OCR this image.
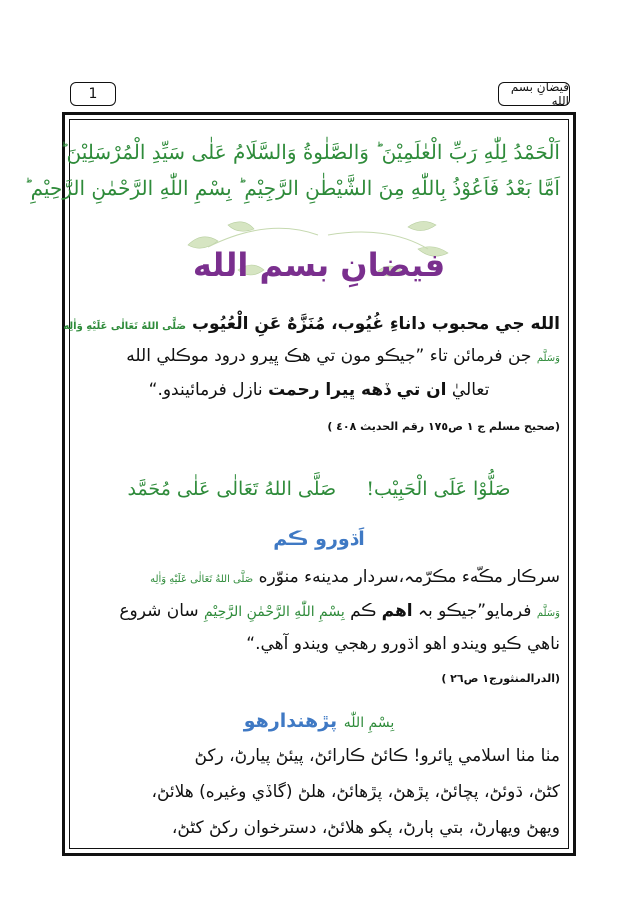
1	فيضانِ بسم الله
اَلْحَمْدُ لِلّٰهِ رَبِّ الْعٰلَمِيْنَ ؕ وَالصَّلٰوةُ وَالسَّلَامُ عَلٰى سَيِّدِ الْمُرْسَلِيْنَ ؕ
اَمَّا بَعْدُ فَاَعُوْذُ بِاللّٰهِ مِنَ الشَّيْطٰنِ الرَّجِيْمِ ؕ بِسْمِ اللّٰهِ الرَّحْمٰنِ الرَّحِيْمِ ؕ
فيضانِ بسم الله
الله جي محبوب داناءِ غُيُوب، مُنَزَّهٌ عَنِ الْعُيُوب صَلَّى اللهُ تَعَالٰى عَلَيْهِ وَاٰلِه
وَسَلَّم جن فرمائن تاء ”جيڪو مون تي هڪ ڀيرو درود موڪلي الله
تعاليٰ ان تي ڏهه ڀيرا رحمت نازل فرمائيندو.“
(صحيح مسلم ج ١ ص١٧٥ رقم الحديث ٤٠٨ )
صَلُّوْا عَلَى الْحَبِيْب!     صَلَّى اللهُ تَعَالٰى عَلٰى مُحَمَّد
اَڌورو ڪم
سرڪار مڪّهء مڪرّمہ،سردار مدينهء منوّره صَلَّى اللهُ تَعَالٰى عَلَيْهِ وَاٰلِه
وَسَلَّم فرمايو”جيڪو بہ اهم ڪم بِسْمِ اللّٰهِ الرَّحْمٰنِ الرَّحِيْمِ سان شروع
ناهي ڪيو ويندو اهو اڌورو رهجي ويندو آهي.“
(الدرالمنثورج١ ص٢٦ )
بِسْمِ اللّٰه پڙهندارهو
مٺا مٺا اسلامي ڀائرو! ڪائڻ ڪارائڻ، پيئڻ پيارڻ، رکڻ
کڻڻ، ڌوئڻ، پچائڻ، پڙهڻ، پڙهائڻ، هلڻ (گاڏي وغيره) هلائڻ،
ويهڻ ويهارڻ، بتي ٻارڻ، پکو هلائڻ، دسترخوان رکڻ کڻڻ،
